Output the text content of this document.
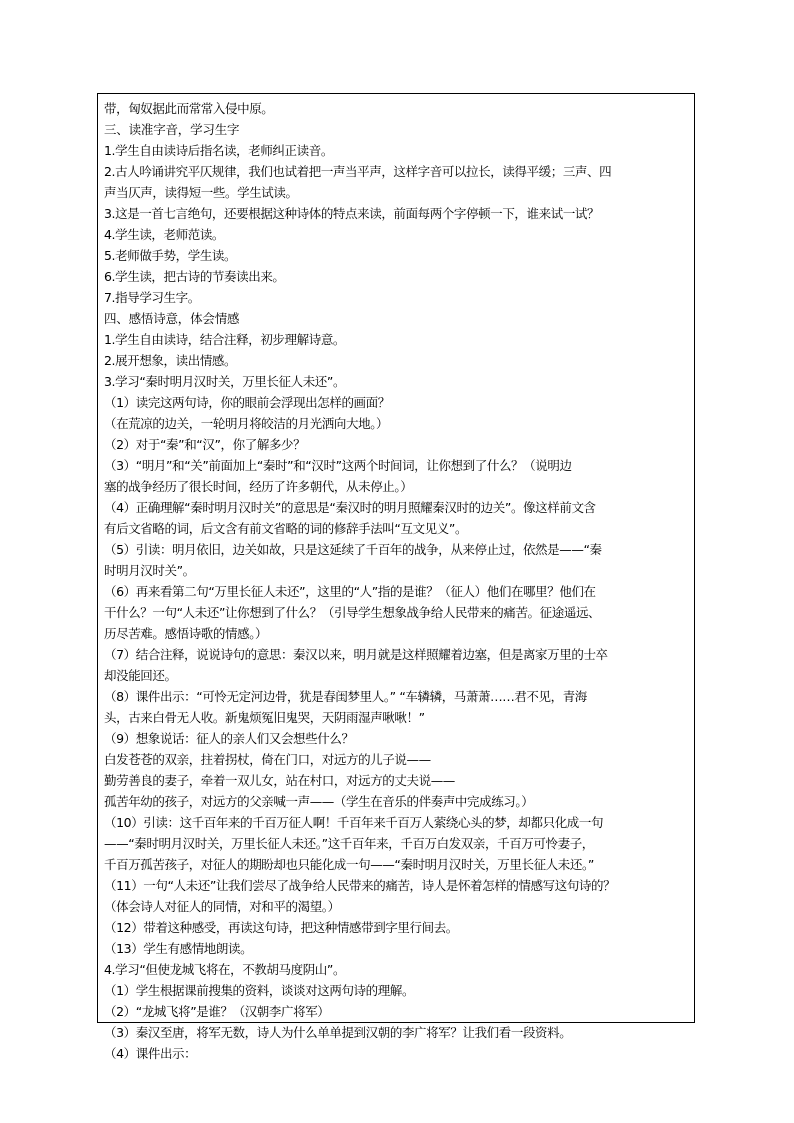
带，匈奴据此而常常入侵中原。
三、读准字音，学习生字
1.学生自由读诗后指名读，老师纠正读音。
2.古人吟诵讲究平仄规律，我们也试着把一声当平声，这样字音可以拉长，读得平缓；三声、四
声当仄声，读得短一些。学生试读。
3.这是一首七言绝句，还要根据这种诗体的特点来读，前面每两个字停顿一下，谁来试一试？
4.学生读，老师范读。
5.老师做手势，学生读。
6.学生读，把古诗的节奏读出来。
7.指导学习生字。
四、感悟诗意，体会情感
1.学生自由读诗，结合注释，初步理解诗意。
2.展开想象，读出情感。
3.学习“秦时明月汉时关，万里长征人未还”。
（1）读完这两句诗，你的眼前会浮现出怎样的画面？
（在荒凉的边关，一轮明月将皎洁的月光洒向大地。）
（2）对于“秦”和“汉”，你了解多少？
（3）“明月”和“关”前面加上“秦时”和“汉时”这两个时间词，让你想到了什么？（说明边
塞的战争经历了很长时间，经历了许多朝代，从未停止。）
（4）正确理解“秦时明月汉时关”的意思是“秦汉时的明月照耀秦汉时的边关”。像这样前文含
有后文省略的词，后文含有前文省略的词的修辞手法叫“互文见义”。
（5）引读：明月依旧，边关如故，只是这延续了千百年的战争，从来停止过，依然是——“秦
时明月汉时关”。
（6）再来看第二句“万里长征人未还”，这里的“人”指的是谁？（征人）他们在哪里？他们在
干什么？一句“人未还”让你想到了什么？（引导学生想象战争给人民带来的痛苦。征途遥远、
历尽苦难。感悟诗歌的情感。）
（7）结合注释，说说诗句的意思：秦汉以来，明月就是这样照耀着边塞，但是离家万里的士卒
却没能回还。
（8）课件出示：“可怜无定河边骨，犹是春闺梦里人。” “车辚辚，马萧萧……君不见，青海
头，古来白骨无人收。新鬼烦冤旧鬼哭，天阴雨湿声啾啾！”
（9）想象说话：征人的亲人们又会想些什么？
白发苍苍的双亲，拄着拐杖，倚在门口，对远方的儿子说——
勤劳善良的妻子，牵着一双儿女，站在村口，对远方的丈夫说——
孤苦年幼的孩子，对远方的父亲喊一声——（学生在音乐的伴奏声中完成练习。）
（10）引读：这千百年来的千百万征人啊！千百年来千百万人萦绕心头的梦，却都只化成一句
——“秦时明月汉时关，万里长征人未还。”这千百年来，千百万白发双亲，千百万可怜妻子，
千百万孤苦孩子，对征人的期盼却也只能化成一句——“秦时明月汉时关，万里长征人未还。”
（11）一句“人未还”让我们尝尽了战争给人民带来的痛苦，诗人是怀着怎样的情感写这句诗的？
（体会诗人对征人的同情，对和平的渴望。）
（12）带着这种感受，再读这句诗，把这种情感带到字里行间去。
（13）学生有感情地朗读。
4.学习“但使龙城飞将在，不教胡马度阴山”。
（1）学生根据课前搜集的资料，谈谈对这两句诗的理解。
（2）“龙城飞将”是谁？（汉朝李广将军）
（3）秦汉至唐，将军无数，诗人为什么单单提到汉朝的李广将军？让我们看一段资料。
（4）课件出示：
